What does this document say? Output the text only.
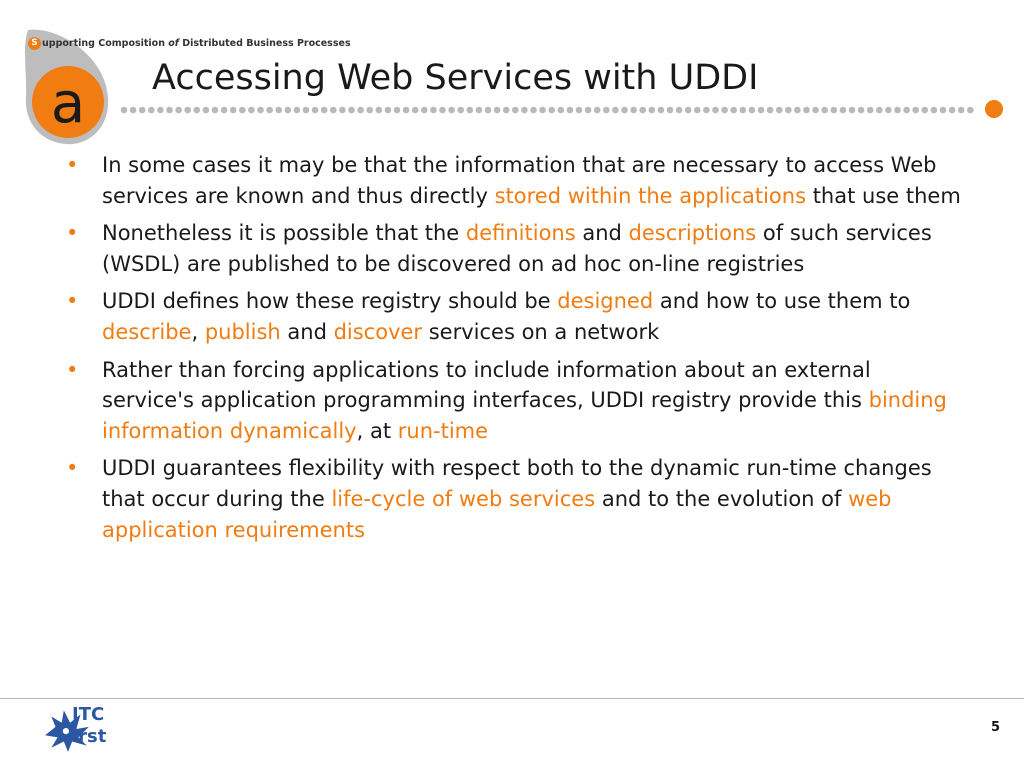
a
S upporting Composition
of
Distributed Business Processes
Accessing Web Services with UDDI
• In some cases it may be that the information that are necessary to access Web services are known and thus directly stored within the applications that use them
• Nonetheless it is possible that the definitions and descriptions of such services (WSDL) are published to be discovered on ad hoc on-line registries
• UDDI defines how these registry should be designed and how to use them to describe, publish and discover services on a network
• Rather than forcing applications to include information about an external service's application programming interfaces, UDDI registry provide this binding information dynamically, at run-time
• UDDI guarantees flexibility with respect both to the dynamic run-time changes that occur during the life-cycle of web services and to the evolution of web application requirements
ITC
irst	5
